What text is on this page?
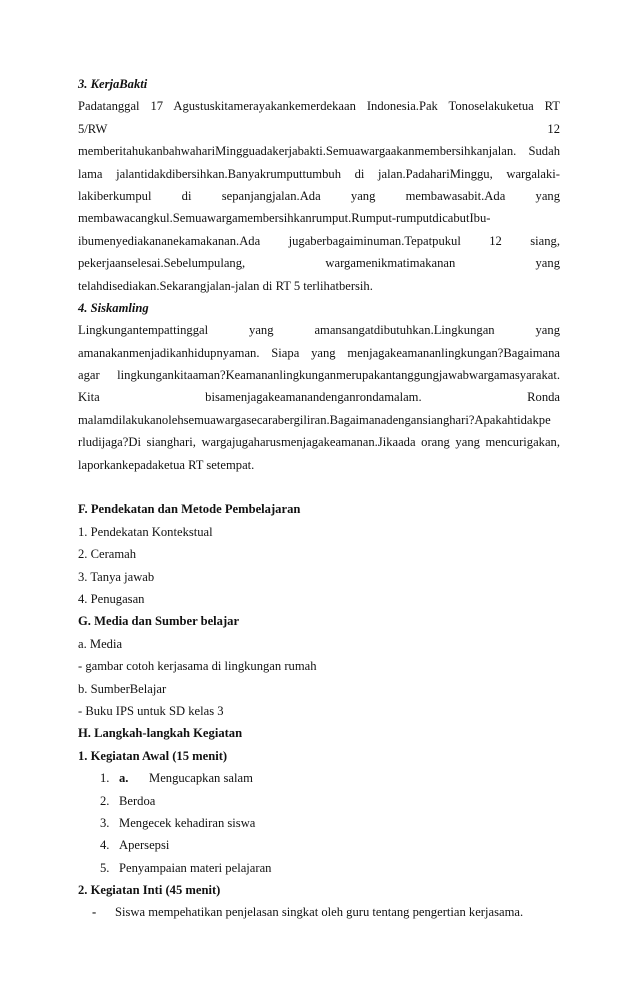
3. KerjaBakti
Padatanggal 17 Agustuskitamerayakankemerdekaan Indonesia.Pak Tonoselakuketua RT
5/RW 12
memberitahukanbahwahariMingguadakerjabakti.Semuawargaakanmembersihkanjalan. Sudah
lama jalantidakdibersihkan.Banyakrumputtumbuh di jalan.PadahariMinggu, wargalaki-
lakiberkumpul di sepanjangjalan.Ada yang membawasabit.Ada yang
membawacangkul.Semuawargamembersihkanrumput.Rumput-rumputdicabutIbu-
ibumenyediakananekamakanan.Ada jugaberbagaiminuman.Tepatpukul 12 siang,
pekerjaanselesai.Sebelumpulang, wargamenikmatimakanan yang
telahdisediakan.Sekarangjalan-jalan di RT 5 terlihatbersih.
4. Siskamling
Lingkungantempattinggal yang amansangatdibutuhkan.Lingkungan yang
amanakanmenjadikanhidupnyaman. Siapa yang menjagakeamananlingkungan?Bagaimana
agar lingkungankitaaman?Keamananlingkunganmerupakantanggungjawabwargamasyarakat.
Kita bisamenjagakeamanandenganrondamalam. Ronda
malamdilakukanolehsemuawargasecarabergiliran.Bagaimanadengansianghari?Apakahtidakpe
rludijaga?Di sianghari, wargajugaharusmenjagakeamanan.Jikaada orang yang mencurigakan,
laporkankepadaketua RT setempat.
F. Pendekatan dan Metode Pembelajaran
1. Pendekatan Kontekstual
2. Ceramah
3. Tanya jawab
4. Penugasan
G. Media dan Sumber belajar
a. Media
- gambar cotoh kerjasama di lingkungan rumah
b. SumberBelajar
- Buku IPS untuk SD kelas 3
H. Langkah-langkah Kegiatan
1. Kegiatan Awal (15 menit)
1. a. Mengucapkan salam
2. Berdoa
3. Mengecek kehadiran siswa
4. Apersepsi
5. Penyampaian materi pelajaran
2. Kegiatan Inti (45 menit)
- Siswa mempehatikan penjelasan singkat oleh guru tentang pengertian kerjasama.
